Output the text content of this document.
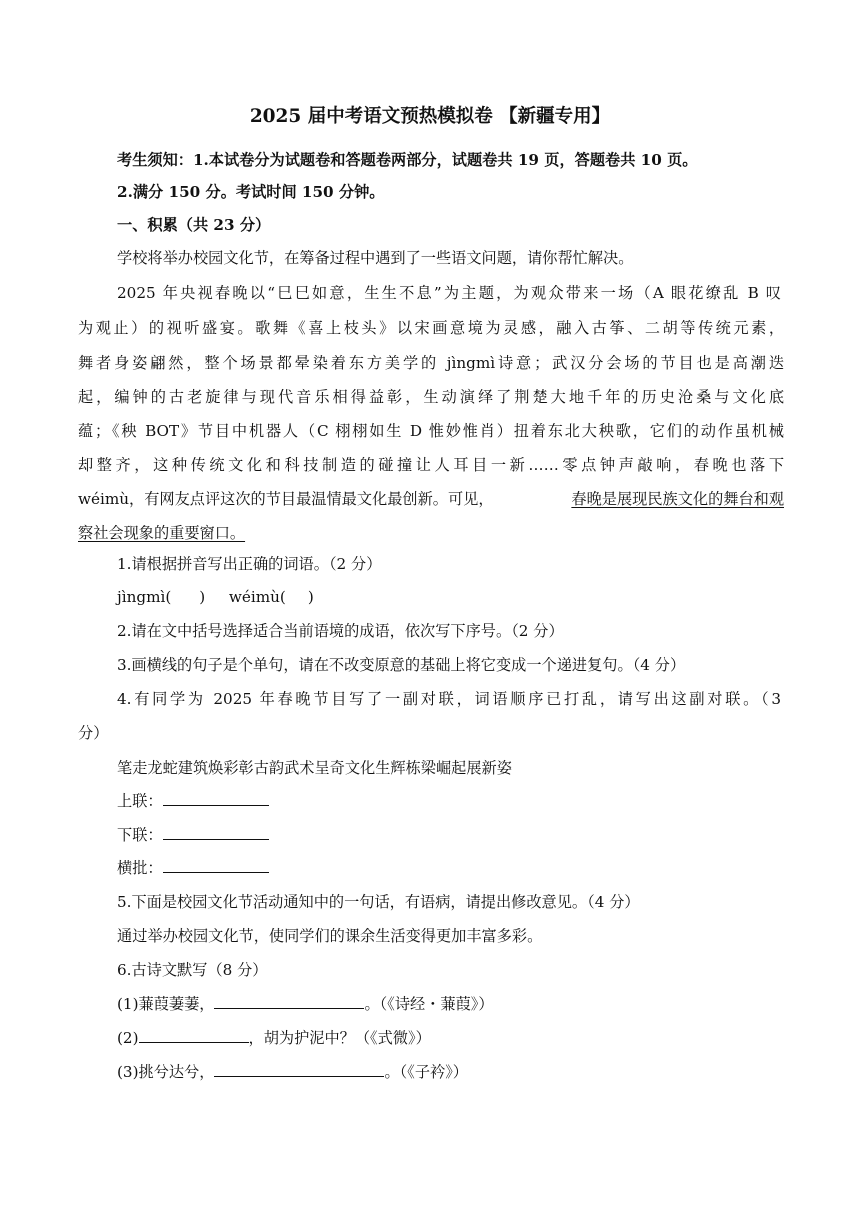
2025 届中考语文预热模拟卷 【新疆专用】
考生须知：1.本试卷分为试题卷和答题卷两部分，试题卷共 19 页，答题卷共 10 页。
2.满分 150 分。考试时间 150 分钟。
一、积累（共 23 分）
学校将举办校园文化节，在筹备过程中遇到了一些语文问题，请你帮忙解决。
2025 年央视春晚以“巳巳如意，生生不息”为主题，为观众带来一场（A 眼花缭乱 B 叹
为观止）的视听盛宴。歌舞《喜上枝头》以宋画意境为灵感，融入古筝、二胡等传统元素，
舞者身姿翩然，整个场景都晕染着东方美学的 jìngmì诗意；武汉分会场的节目也是高潮迭
起，编钟的古老旋律与现代音乐相得益彰，生动演绎了荆楚大地千年的历史沧桑与文化底
蕴；《秧 BOT》节目中机器人（C 栩栩如生 D 惟妙惟肖）扭着东北大秧歌，它们的动作虽机械
却整齐，这种传统文化和科技制造的碰撞让人耳目一新……零点钟声敲响，春晚也落下
wéimù，有网友点评这次的节目最温情最文化最创新。可见，	春晚是展现民族文化的舞台和观
察社会现象的重要窗口。
1.请根据拼音写出正确的词语。（2 分）
jìngmì( ) wéimù( )
2.请在文中括号选择适合当前语境的成语，依次写下序号。（2 分）
3.画横线的句子是个单句，请在不改变原意的基础上将它变成一个递进复句。（4 分）
4.有同学为 2025 年春晚节目写了一副对联，词语顺序已打乱，请写出这副对联。（3
分）
笔走龙蛇建筑焕彩彰古韵武术呈奇文化生辉栋梁崛起展新姿
上联：
下联：
横批：
5.下面是校园文化节活动通知中的一句话，有语病，请提出修改意见。（4 分）
通过举办校园文化节，使同学们的课余生活变得更加丰富多彩。
6.古诗文默写（8 分）
(1)蒹葭萋萋，	。（《诗经・蒹葭》）
(2)	，胡为护泥中？（《式微》）
(3)挑兮达兮，	。（《子衿》）
